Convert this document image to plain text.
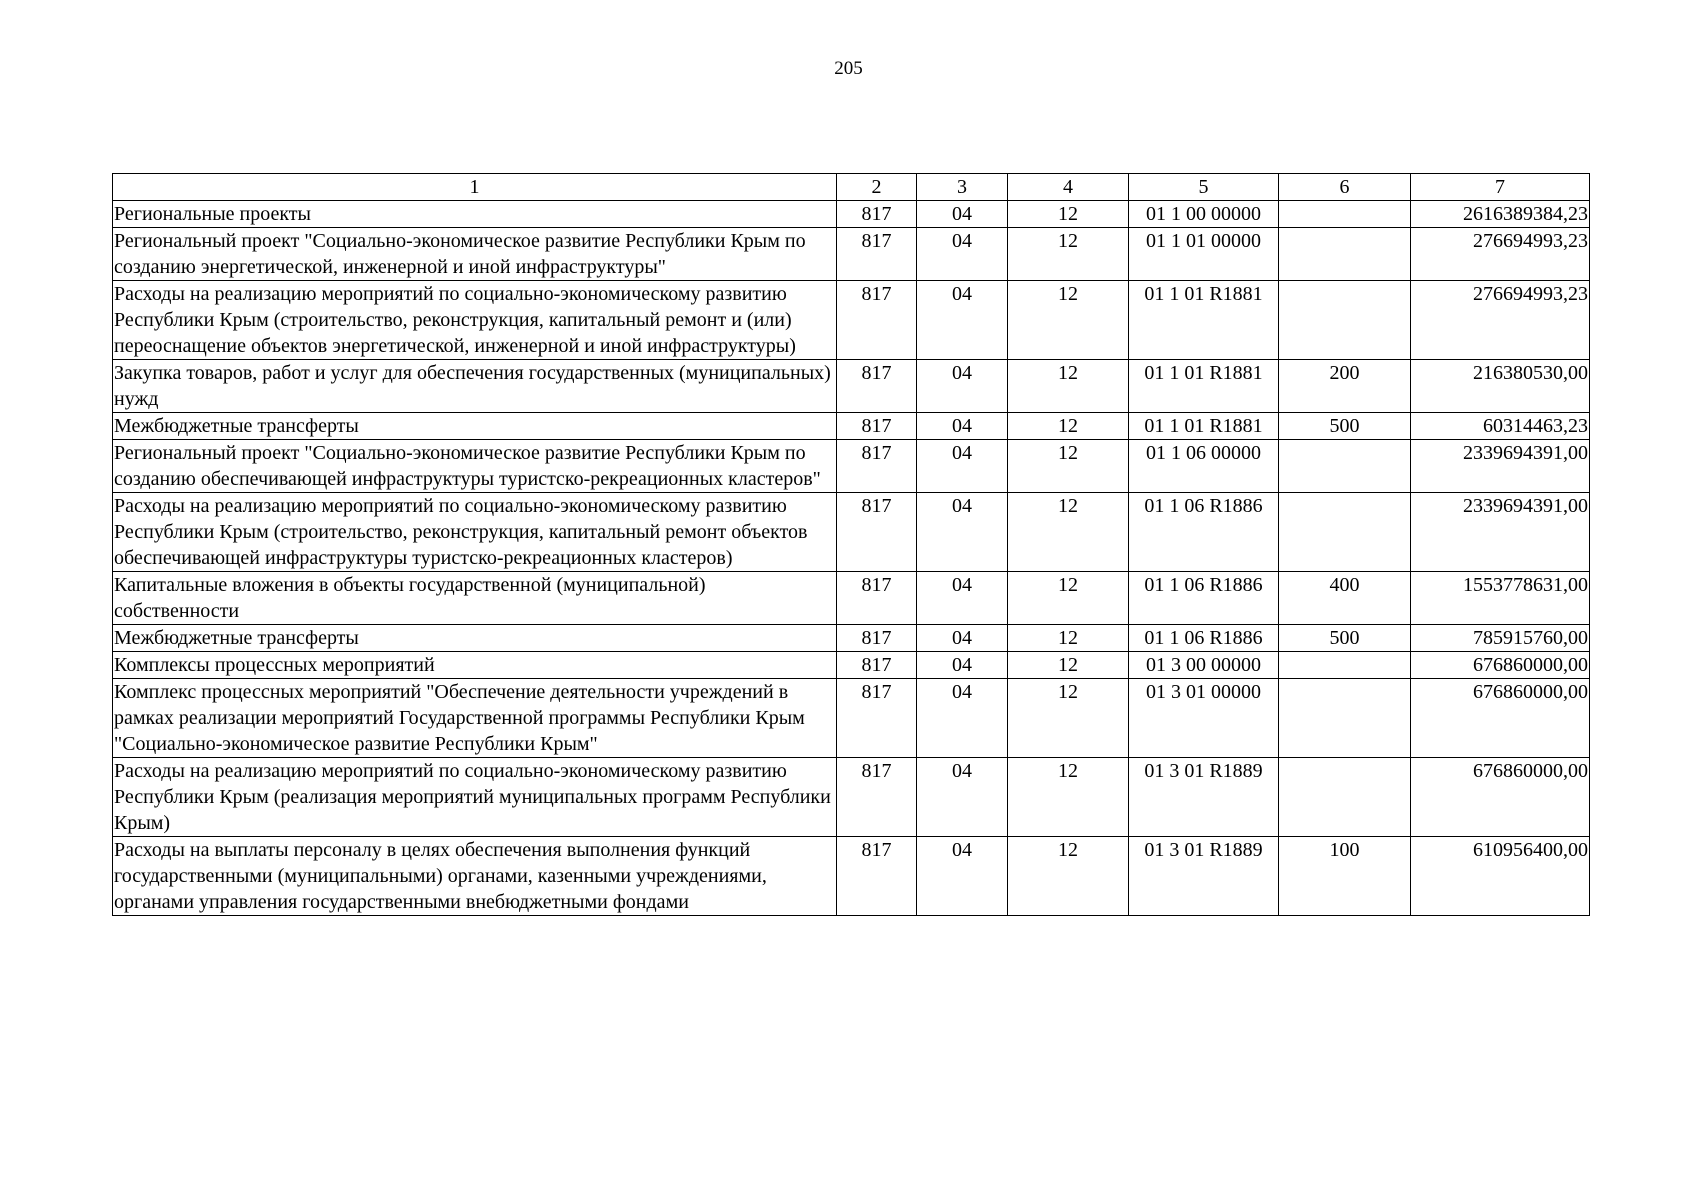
205
1	2	3	4	5	6	7
Региональные проекты	817	04	12	01 1 00 00000		2616389384,23
Региональный проект "Социально-экономическое развитие Республики Крым по созданию энергетической, инженерной и иной инфраструктуры"	817	04	12	01 1 01 00000		276694993,23
Расходы на реализацию мероприятий по социально-экономическому развитию Республики Крым (строительство, реконструкция, капитальный ремонт и (или) переоснащение объектов энергетической, инженерной и иной инфраструктуры)	817	04	12	01 1 01 R1881		276694993,23
Закупка товаров, работ и услуг для обеспечения государственных (муниципальных) нужд	817	04	12	01 1 01 R1881	200	216380530,00
Межбюджетные трансферты	817	04	12	01 1 01 R1881	500	60314463,23
Региональный проект "Социально-экономическое развитие Республики Крым по созданию обеспечивающей инфраструктуры туристско-рекреационных кластеров"	817	04	12	01 1 06 00000		2339694391,00
Расходы на реализацию мероприятий по социально-экономическому развитию Республики Крым (строительство, реконструкция, капитальный ремонт объектов обеспечивающей инфраструктуры туристско-рекреационных кластеров)	817	04	12	01 1 06 R1886		2339694391,00
Капитальные вложения в объекты государственной (муниципальной) собственности	817	04	12	01 1 06 R1886	400	1553778631,00
Межбюджетные трансферты	817	04	12	01 1 06 R1886	500	785915760,00
Комплексы процессных мероприятий	817	04	12	01 3 00 00000		676860000,00
Комплекс процессных мероприятий "Обеспечение деятельности учреждений в рамках реализации мероприятий Государственной программы Республики Крым "Социально-экономическое развитие Республики Крым"	817	04	12	01 3 01 00000		676860000,00
Расходы на реализацию мероприятий по социально-экономическому развитию Республики Крым (реализация мероприятий муниципальных программ Республики Крым)	817	04	12	01 3 01 R1889		676860000,00
Расходы на выплаты персоналу в целях обеспечения выполнения функций государственными (муниципальными) органами, казенными учреждениями, органами управления государственными внебюджетными фондами	817	04	12	01 3 01 R1889	100	610956400,00
